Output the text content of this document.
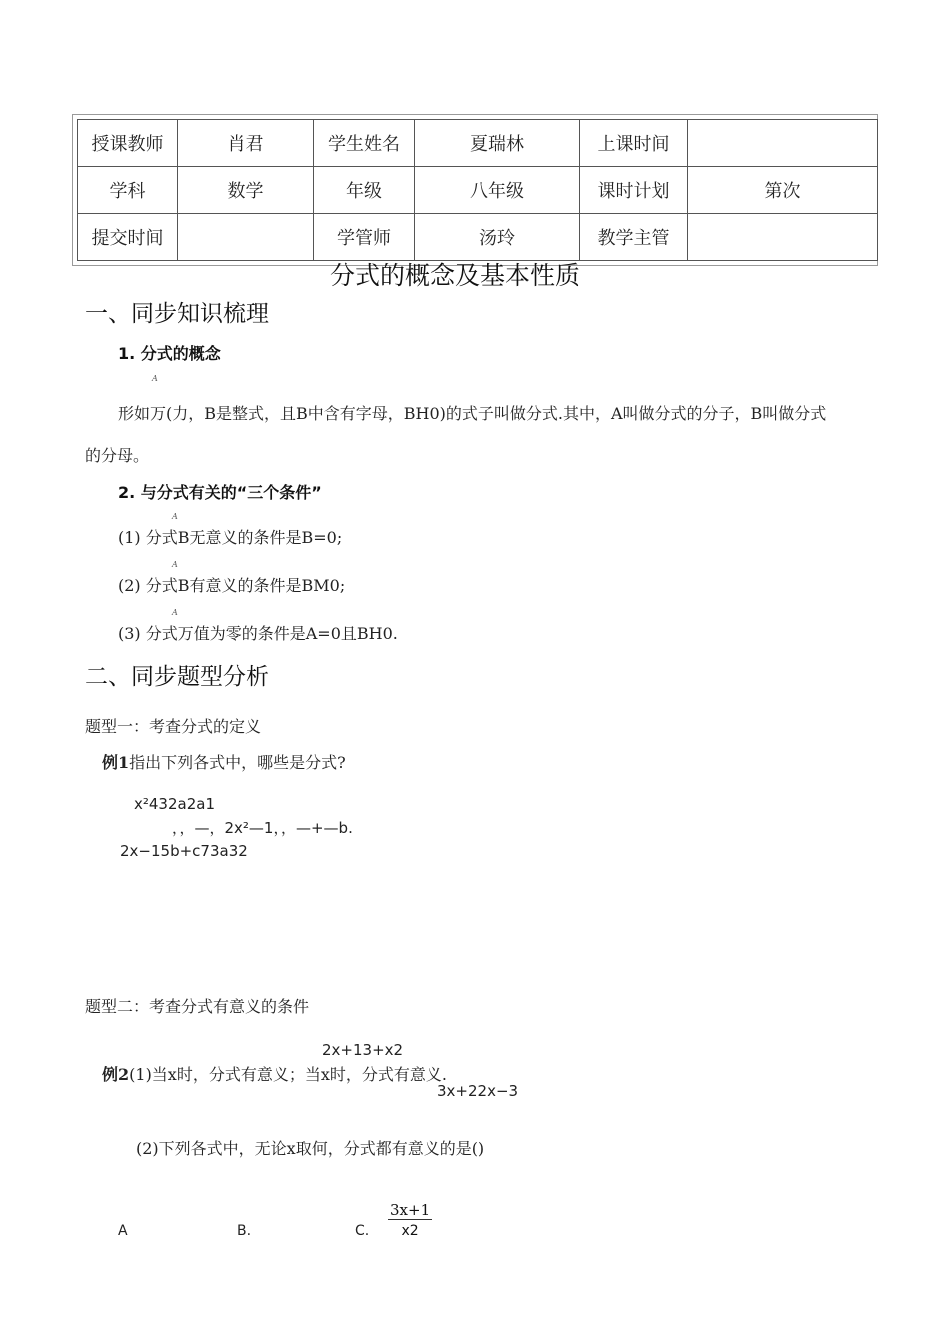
授课教师	肖君	学生姓名	夏瑞林	上课时间	
学科	数学	年级	八年级	课时计划	第次
提交时间		学管师	汤玲	教学主管	
分式的概念及基本性质
一、同步知识梳理
1. 分式的概念
A
形如万(力，B是整式，且B中含有字母，BH0)的式子叫做分式.其中，A叫做分式的分子，B叫做分式
的分母。
2. 与分式有关的“三个条件”
A
(1) 分式B无意义的条件是B=0;
A
(2) 分式B有意义的条件是BM0;
A
(3) 分式万值为零的条件是A=0且BH0.
二、同步题型分析
题型一：考查分式的定义
例1指出下列各式中，哪些是分式?
x²432a2a1
，，—，2x²—1，，—+—b.
2x−15b+c73a32
题型二：考查分式有意义的条件
2x+13+x2
例2(1)当x时，分式有意义；当x时，分式有意义.
3x+22x−3
(2)下列各式中，无论x取何，分式都有意义的是()
A	B.	C. $\frac{3x+1}{x2}$
